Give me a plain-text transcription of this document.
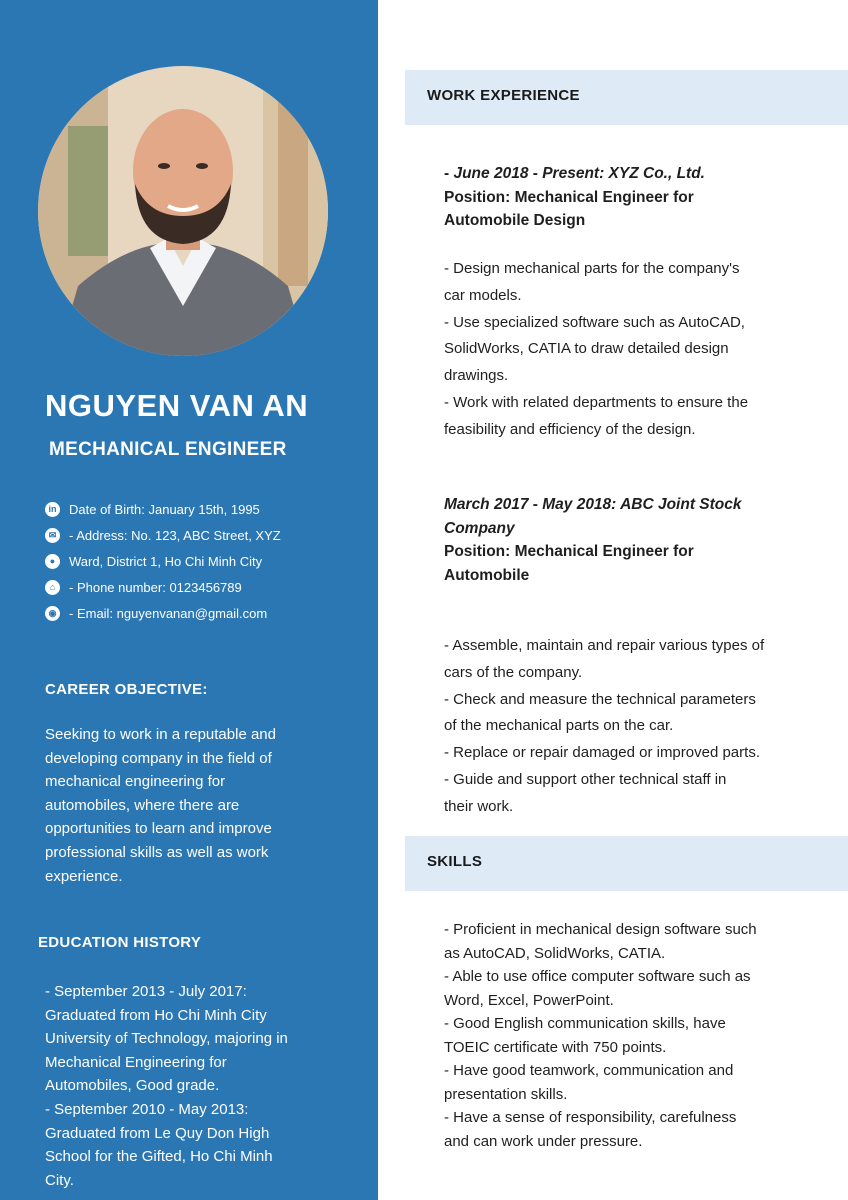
NGUYEN VAN AN
MECHANICAL ENGINEER
in Date of Birth: January 15th, 1995
✉ - Address: No. 123, ABC Street, XYZ
●	Ward, District 1, Ho Chi Minh City
⌂	- Phone number: 0123456789
◉ - Email: nguyenvanan@gmail.com
CAREER OBJECTIVE:
Seeking to work in a reputable and
developing company in the field of
mechanical engineering for
automobiles, where there are
opportunities to learn and improve
professional skills as well as work
experience.
EDUCATION HISTORY
- September 2013 - July 2017:
Graduated from Ho Chi Minh City
University of Technology, majoring in
Mechanical Engineering for
Automobiles, Good grade.
- September 2010 - May 2013:
Graduated from Le Quy Don High
School for the Gifted, Ho Chi Minh
City.
WORK EXPERIENCE
- June 2018 - Present: XYZ Co., Ltd.
Position: Mechanical Engineer for
Automobile Design
- Design mechanical parts for the company's
car models.
- Use specialized software such as AutoCAD,
SolidWorks, CATIA to draw detailed design
drawings.
- Work with related departments to ensure the
feasibility and efficiency of the design.
March 2017 - May 2018: ABC Joint Stock
Company
Position: Mechanical Engineer for
Automobile
- Assemble, maintain and repair various types of
cars of the company.
- Check and measure the technical parameters
of the mechanical parts on the car.
- Replace or repair damaged or improved parts.
- Guide and support other technical staff in
their work.
SKILLS
- Proficient in mechanical design software such
as AutoCAD, SolidWorks, CATIA.
- Able to use office computer software such as
Word, Excel, PowerPoint.
- Good English communication skills, have
TOEIC certificate with 750 points.
- Have good teamwork, communication and
presentation skills.
- Have a sense of responsibility, carefulness
and can work under pressure.
